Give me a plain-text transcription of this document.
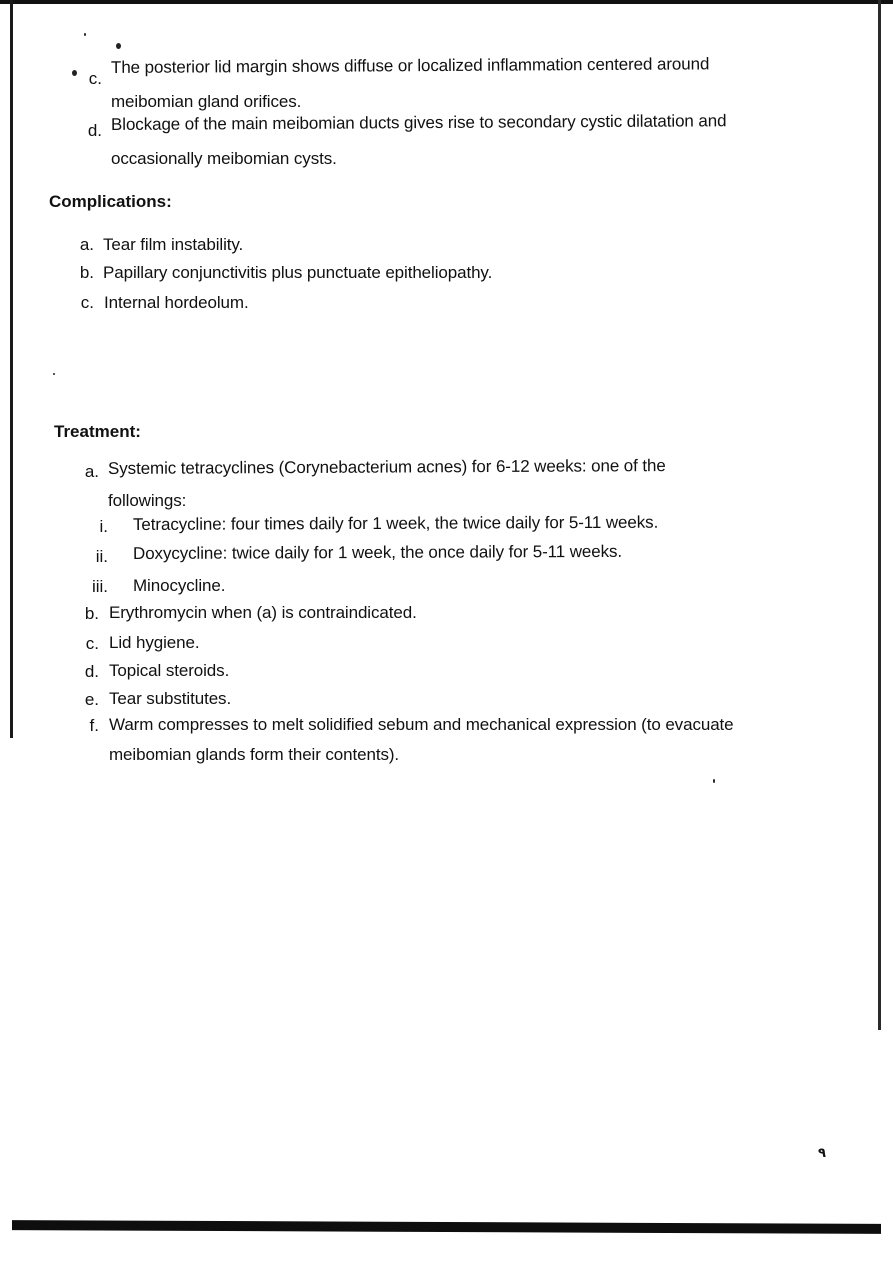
c.
The posterior lid margin shows diffuse or localized inflammation centered around
meibomian gland orifices.
d. Blockage of the main meibomian ducts gives rise to secondary cystic dilatation and
occasionally meibomian cysts.
Complications:
a. Tear film instability.
b. Papillary conjunctivitis plus punctuate epitheliopathy.
c. Internal hordeolum.
Treatment:
a. Systemic tetracyclines (Corynebacterium acnes) for 6-12 weeks: one of the
followings:
i. Tetracycline: four times daily for 1 week, the twice daily for 5-11 weeks.
ii. Doxycycline: twice daily for 1 week, the once daily for 5-11 weeks.
iii. Minocycline.
b. Erythromycin when (a) is contraindicated.
c. Lid hygiene.
d. Topical steroids.
e. Tear substitutes.
f. Warm compresses to melt solidified sebum and mechanical expression (to evacuate
meibomian glands form their contents).
٩
